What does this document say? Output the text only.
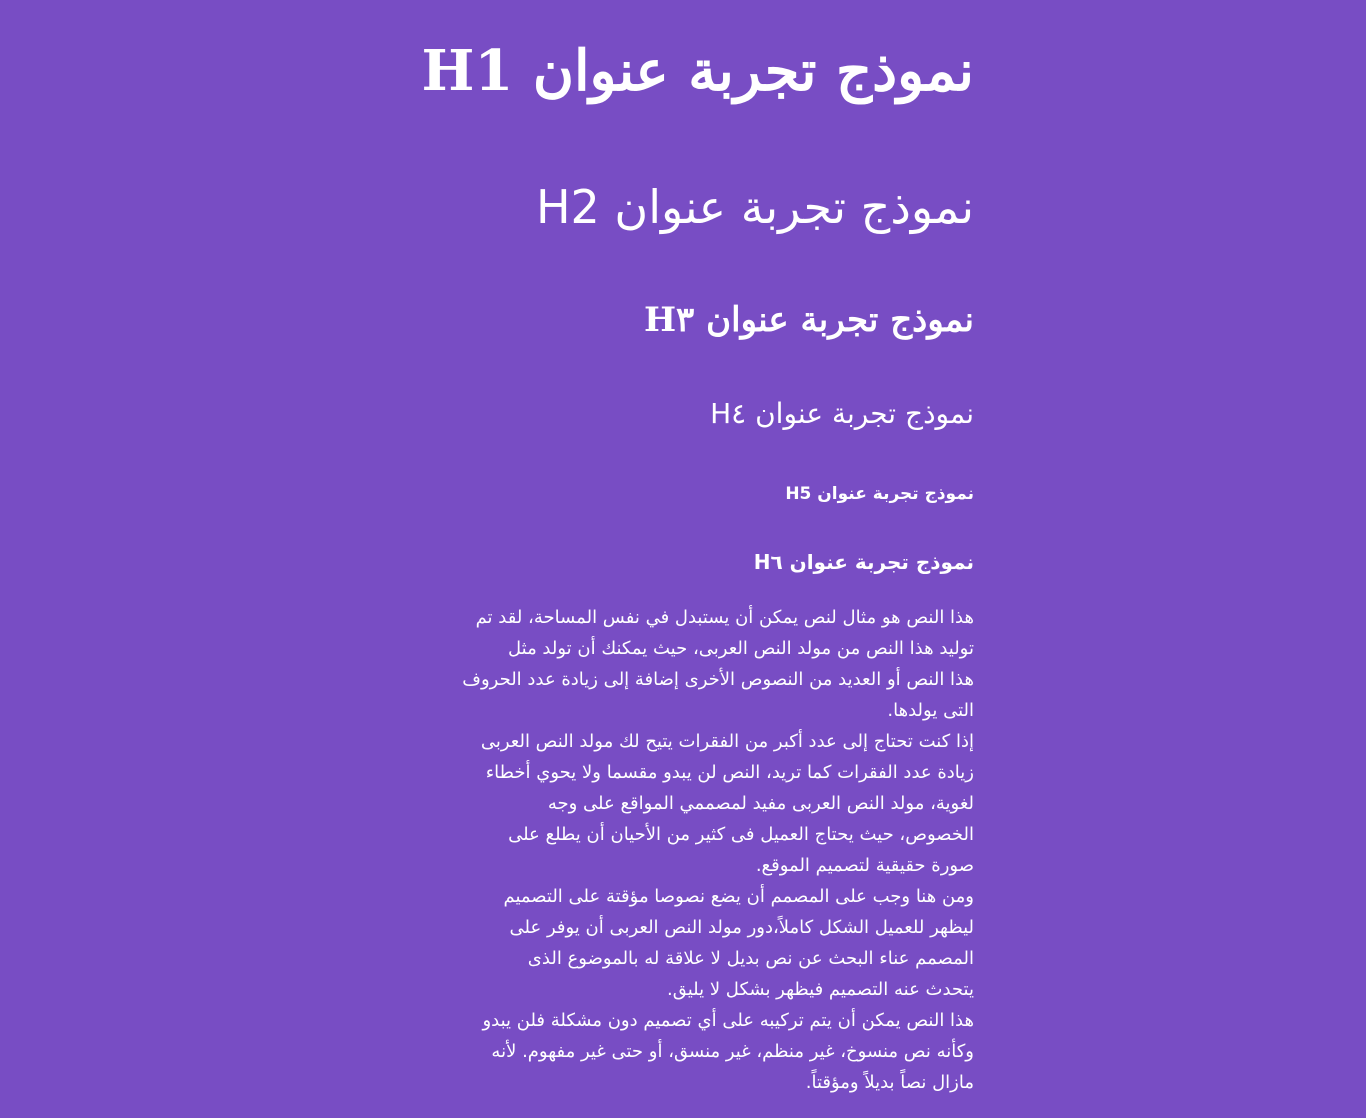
نموذج تجربة عنوان H1
نموذج تجربة عنوان H2
نموذج تجربة عنوان H٣
نموذج تجربة عنوان H٤
نموذج تجربة عنوان H5
نموذج تجربة عنوان H٦

هذا النص هو مثال لنص يمكن أن يستبدل في نفس المساحة، لقد تم
توليد هذا النص من مولد النص العربى، حيث يمكنك أن تولد مثل
هذا النص أو العديد من النصوص الأخرى إضافة إلى زيادة عدد الحروف
التى يولدها.

إذا كنت تحتاج إلى عدد أكبر من الفقرات يتيح لك مولد النص العربى
زيادة عدد الفقرات كما تريد، النص لن يبدو مقسما ولا يحوي أخطاء
لغوية، مولد النص العربى مفيد لمصممي المواقع على وجه
الخصوص، حيث يحتاج العميل فى كثير من الأحيان أن يطلع على
صورة حقيقية لتصميم الموقع.

ومن هنا وجب على المصمم أن يضع نصوصا مؤقتة على التصميم
ليظهر للعميل الشكل كاملاً،دور مولد النص العربى أن يوفر على
المصمم عناء البحث عن نص بديل لا علاقة له بالموضوع الذى
يتحدث عنه التصميم فيظهر بشكل لا يليق.

هذا النص يمكن أن يتم تركيبه على أي تصميم دون مشكلة فلن يبدو
وكأنه نص منسوخ، غير منظم، غير منسق، أو حتى غير مفهوم. لأنه
مازال نصاً بديلاً ومؤقتاً.
